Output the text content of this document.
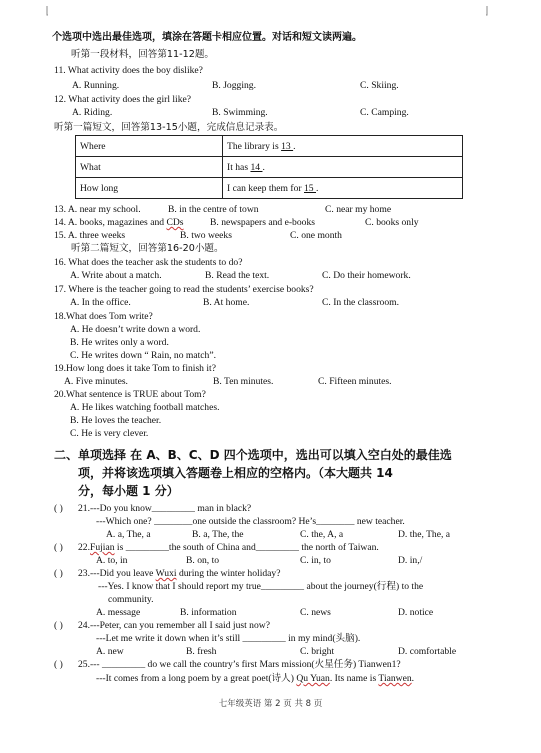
个选项中选出最佳选项，填涂在答题卡相应位置。对话和短文读两遍。
听第一段材料，回答第11-12题。
11. What activity does the boy dislike?
A. Running.	B. Jogging.	C. Skiing.
12. What activity does the girl like?
A. Riding.	B. Swimming.	C. Camping.
听第一篇短文，回答第13-15小题，完成信息记录表。
Where	The library is 13 .
What	It has 14 .
How long	I can keep them for 15 .
13. A. near my school.	B. in the centre of town	C. near my home
14. A. books, magazines and CDs	B. newspapers and e-books	C. books only
15. A. three weeks	B. two weeks	C. one month
听第二篇短文，回答第16-20小题。
16. What does the teacher ask the students to do?
A. Write about a match.	B. Read the text.	C. Do their homework.
17. Where is the teacher going to read the students’ exercise books?
A. In the office.	B. At home.	C. In the classroom.
18.What does Tom write?
A. He doesn’t write down a word.
B. He writes only a word.
C. He writes down “ Rain, no match”.
19.How long does it take Tom to finish it?
A. Five minutes.	B. Ten minutes.	C. Fifteen minutes.
20.What sentence is TRUE about Tom?
A. He likes watching football matches.
B. He loves the teacher.
C. He is very clever.
二、单项选择 在 A、B、C、D 四个选项中，选出可以填入空白处的最佳选
项，并将该选项填入答题卷上相应的空格内。（本大题共 14
分，每小题 1 分）
( ) 21.---Do you know_________ man in black?
---Which one? ________one outside the classroom? He’s________ new teacher.
A. a, The, a	B. a, The, the	C. the, A, a	D. the, The, a
( ) 22.Fujian is _________the south of China and_________ the north of Taiwan.
A. to, in	B. on, to	C. in, to	D. in,/
( ) 23.---Did you leave Wuxi during the winter holiday?
---Yes. I know that I should report my true_________ about the journey(行程) to the
community.
A. message	B. information	C. news	D. notice
( ) 24.---Peter, can you remember all I said just now?
---Let me write it down when it’s still _________ in my mind(头脑).
A. new	B. fresh	C. bright	D. comfortable
( ) 25.--- _________ do we call the country’s first Mars mission(火星任务) Tianwen1?
---It comes from a long poem by a great poet(诗人) Qu Yuan. Its name is Tianwen.
七年级英语 第 2 页 共 8 页
